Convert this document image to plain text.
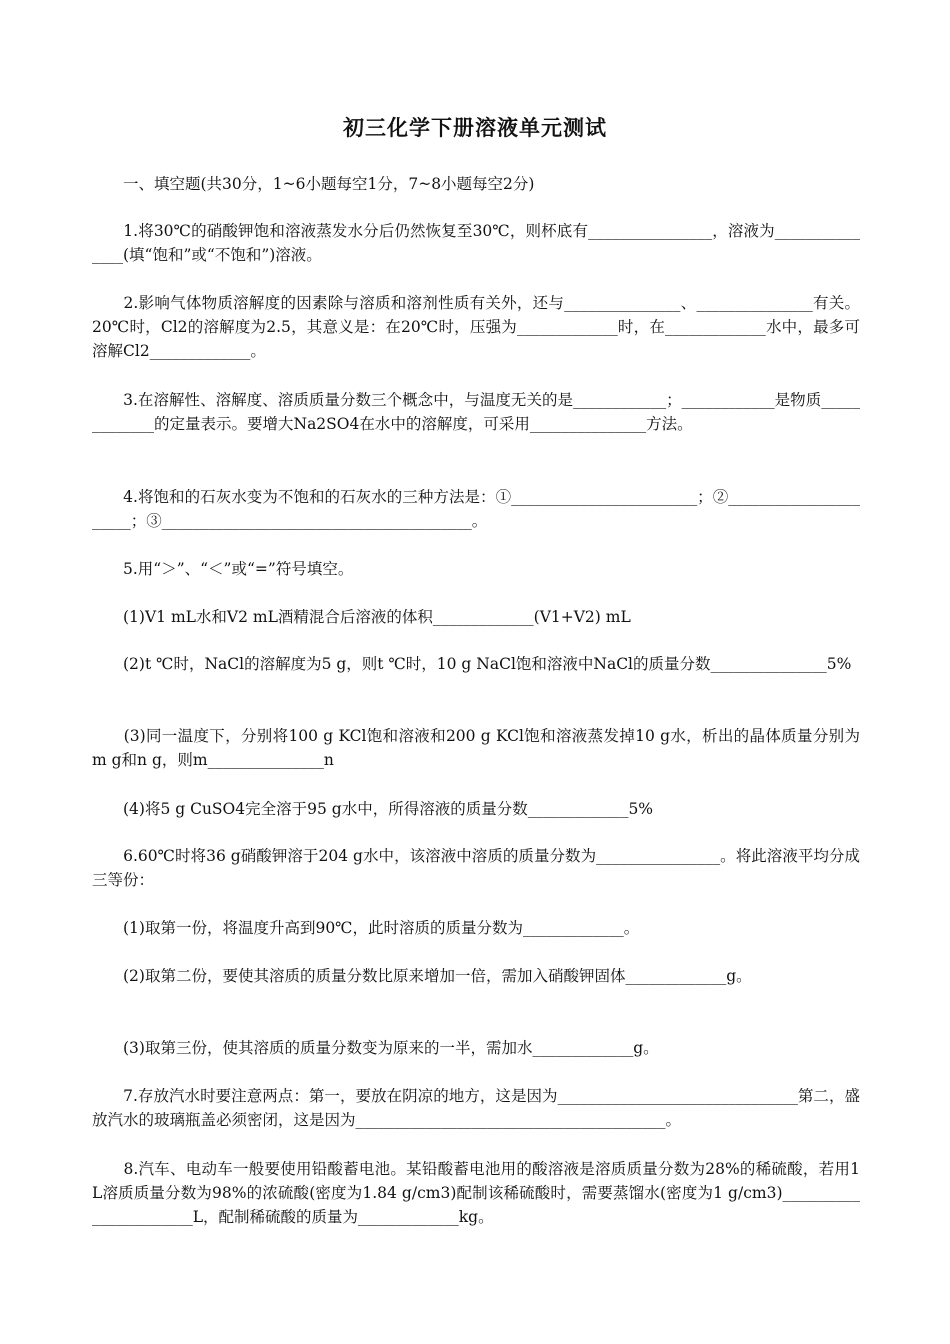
初三化学下册溶液单元测试
　　一、填空题(共30分，1~6小题每空1分，7~8小题每空2分)
　　1.将30℃的硝酸钾饱和溶液蒸发水分后仍然恢复至30℃，则杯底有________________，溶液为_______________(填“饱和”或“不饱和”)溶液。
　　2.影响气体物质溶解度的因素除与溶质和溶剂性质有关外，还与_______________、_______________有关。20℃时，Cl2的溶解度为2.5，其意义是：在20℃时，压强为_____________时，在_____________水中，最多可溶解Cl2_____________。
　　3.在溶解性、溶解度、溶质质量分数三个概念中，与温度无关的是____________；____________是物质_____________的定量表示。要增大Na2SO4在水中的溶解度，可采用_______________方法。
　　4.将饱和的石灰水变为不饱和的石灰水的三种方法是：①________________________；②______________________；③________________________________________。
　　5.用“＞”、“＜”或“=”符号填空。
　　(1)V1 mL水和V2 mL酒精混合后溶液的体积_____________(V1+V2) mL
　　(2)t ℃时，NaCl的溶解度为5 g，则t ℃时，10 g NaCl饱和溶液中NaCl的质量分数_______________5%
　　(3)同一温度下，分别将100 g KCl饱和溶液和200 g KCl饱和溶液蒸发掉10 g水，析出的晶体质量分别为m g和n g，则m_______________n
　　(4)将5 g CuSO4完全溶于95 g水中，所得溶液的质量分数_____________5%
　　6.60℃时将36 g硝酸钾溶于204 g水中，该溶液中溶质的质量分数为________________。将此溶液平均分成三等份：
　　(1)取第一份，将温度升高到90℃，此时溶质的质量分数为_____________。
　　(2)取第二份，要使其溶质的质量分数比原来增加一倍，需加入硝酸钾固体_____________g。
　　(3)取第三份，使其溶质的质量分数变为原来的一半，需加水_____________g。
　　7.存放汽水时要注意两点：第一，要放在阴凉的地方，这是因为_______________________________第二，盛放汽水的玻璃瓶盖必须密闭，这是因为________________________________________。
　　8.汽车、电动车一般要使用铅酸蓄电池。某铅酸蓄电池用的酸溶液是溶质质量分数为28%的稀硫酸，若用1 L溶质质量分数为98%的浓硫酸(密度为1.84 g/cm3)配制该稀硫酸时，需要蒸馏水(密度为1 g/cm3)_______________________L，配制稀硫酸的质量为_____________kg。
